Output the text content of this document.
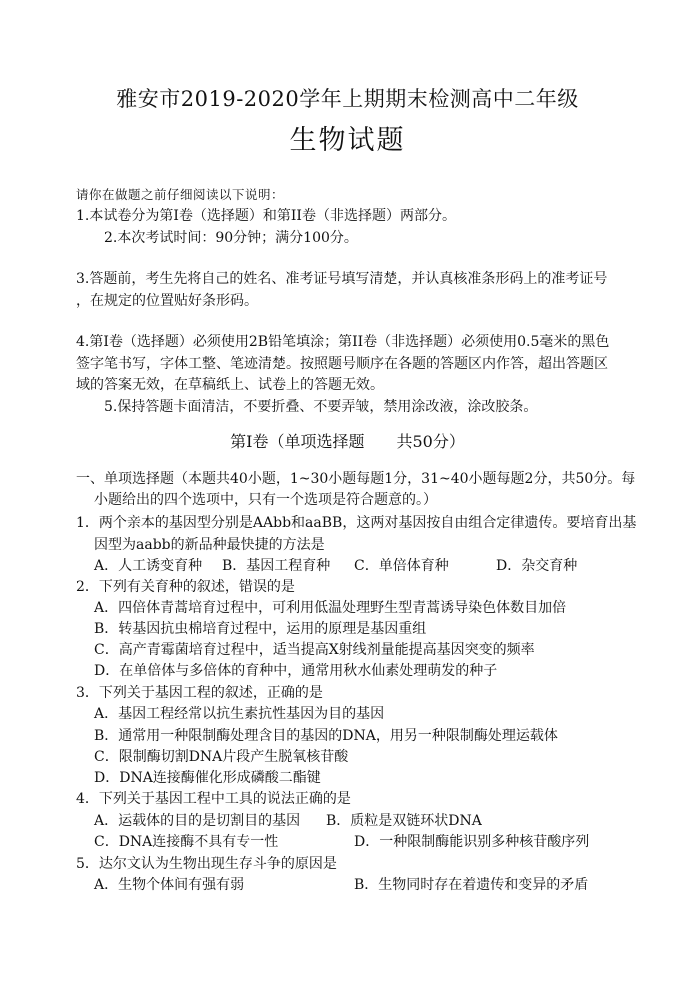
雅安市2019-2020学年上期期末检测高中二年级
生物试题
请你在做题之前仔细阅读以下说明：
1.本试卷分为第I卷（选择题）和第II卷（非选择题）两部分。
2.本次考试时间：90分钟；满分100分。
3.答题前，考生先将自己的姓名、准考证号填写清楚，并认真核准条形码上的准考证号
，在规定的位置贴好条形码。
4.第I卷（选择题）必须使用2B铅笔填涂；第II卷（非选择题）必须使用0.5毫米的黑色
签字笔书写，字体工整、笔迹清楚。按照题号顺序在各题的答题区内作答，超出答题区
域的答案无效，在草稿纸上、试卷上的答题无效。
5.保持答题卡面清洁，不要折叠、不要弄皱，禁用涂改液，涂改胶条。
第I卷（单项选择题　　共50分）
一、单项选择题（本题共40小题，1~30小题每题1分，31~40小题每题2分，共50分。每
小题给出的四个选项中，只有一个选项是符合题意的。）
1．两个亲本的基因型分别是AAbb和aaBB，这两对基因按自由组合定律遗传。要培育出基
因型为aabb的新品种最快捷的方法是
A．人工诱变育种 B．基因工程育种 C．单倍体育种	D．杂交育种
2．下列有关育种的叙述，错误的是
A．四倍体青蒿培育过程中，可利用低温处理野生型青蒿诱导染色体数目加倍
B．转基因抗虫棉培育过程中，运用的原理是基因重组
C．高产青霉菌培育过程中，适当提高X射线剂量能提高基因突变的频率
D．在单倍体与多倍体的育种中，通常用秋水仙素处理萌发的种子
3．下列关于基因工程的叙述，正确的是
A．基因工程经常以抗生素抗性基因为目的基因
B．通常用一种限制酶处理含目的基因的DNA，用另一种限制酶处理运载体
C．限制酶切割DNA片段产生脱氧核苷酸
D．DNA连接酶催化形成磷酸二酯键
4．下列关于基因工程中工具的说法正确的是
A．运载体的目的是切割目的基因 B．质粒是双链环状DNA
C．DNA连接酶不具有专一性	D．一种限制酶能识别多种核苷酸序列
5．达尔文认为生物出现生存斗争的原因是
A．生物个体间有强有弱	B．生物同时存在着遗传和变异的矛盾
